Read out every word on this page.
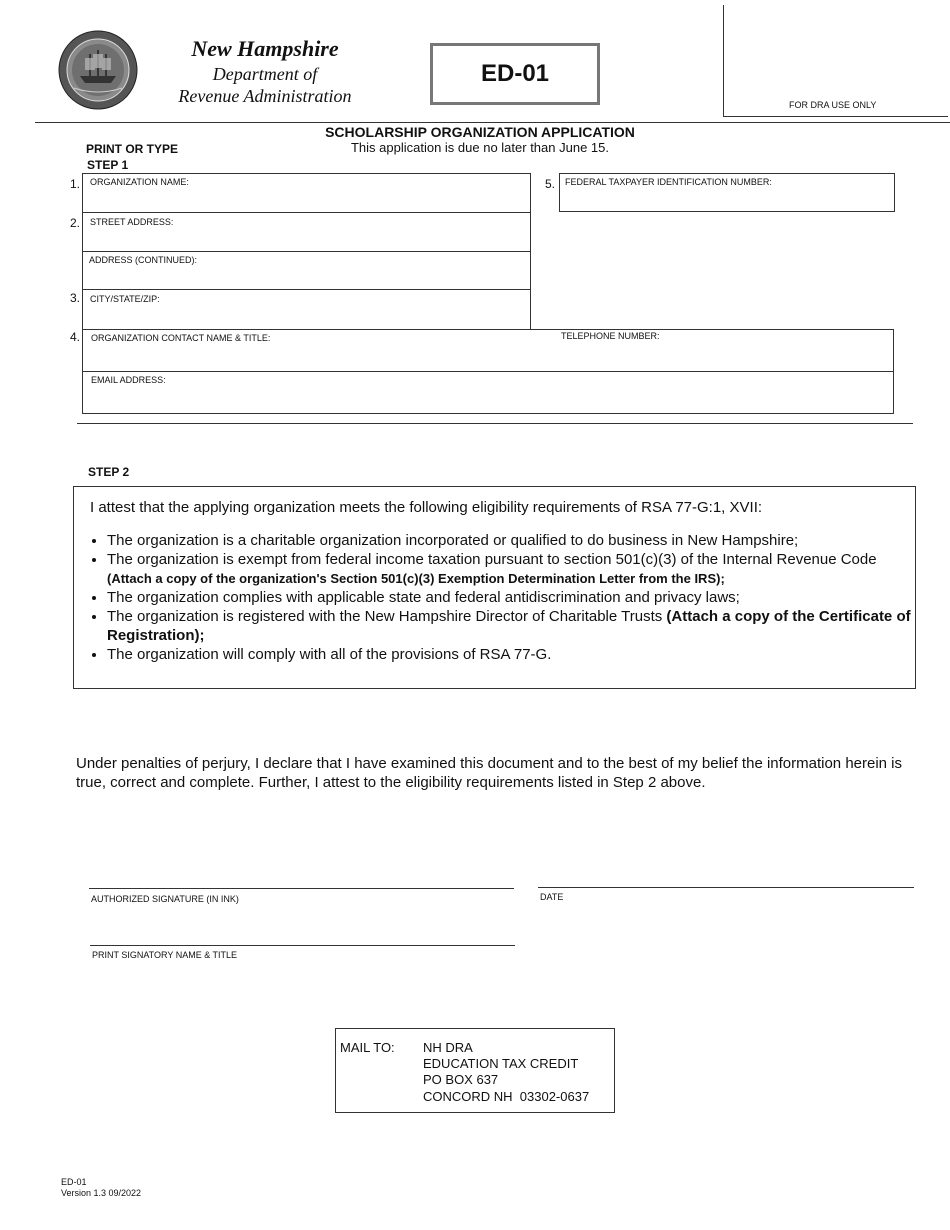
New Hampshire
Department of
Revenue Administration
ED-01
FOR DRA USE ONLY
SCHOLARSHIP ORGANIZATION APPLICATION
This application is due no later than June 15.
PRINT OR TYPE
STEP 1
1. ORGANIZATION NAME:
2. STREET ADDRESS:
ADDRESS (CONTINUED):
3. CITY/STATE/ZIP:
4. ORGANIZATION CONTACT NAME & TITLE:	TELEPHONE NUMBER:
EMAIL ADDRESS:
5. FEDERAL TAXPAYER IDENTIFICATION NUMBER:
STEP 2
I attest that the applying organization meets the following eligibility requirements of RSA 77-G:1, XVII:
• The organization is a charitable organization incorporated or qualified to do business in New Hampshire;
• The organization is exempt from federal income taxation pursuant to section 501(c)(3) of the Internal Revenue Code
(Attach a copy of the organization's Section 501(c)(3) Exemption Determination Letter from the IRS);
• The organization complies with applicable state and federal antidiscrimination and privacy laws;
• The organization is registered with the New Hampshire Director of Charitable Trusts (Attach a copy of the Certificate of Registration);
• The organization will comply with all of the provisions of RSA 77-G.
Under penalties of perjury, I declare that I have examined this document and to the best of my belief the information herein is true, correct and complete. Further, I attest to the eligibility requirements listed in Step 2 above.
AUTHORIZED SIGNATURE (IN INK)	DATE
PRINT SIGNATORY NAME & TITLE
MAIL TO: NH DRA
EDUCATION TAX CREDIT
PO BOX 637
CONCORD NH  03302-0637
ED-01
Version 1.3 09/2022
